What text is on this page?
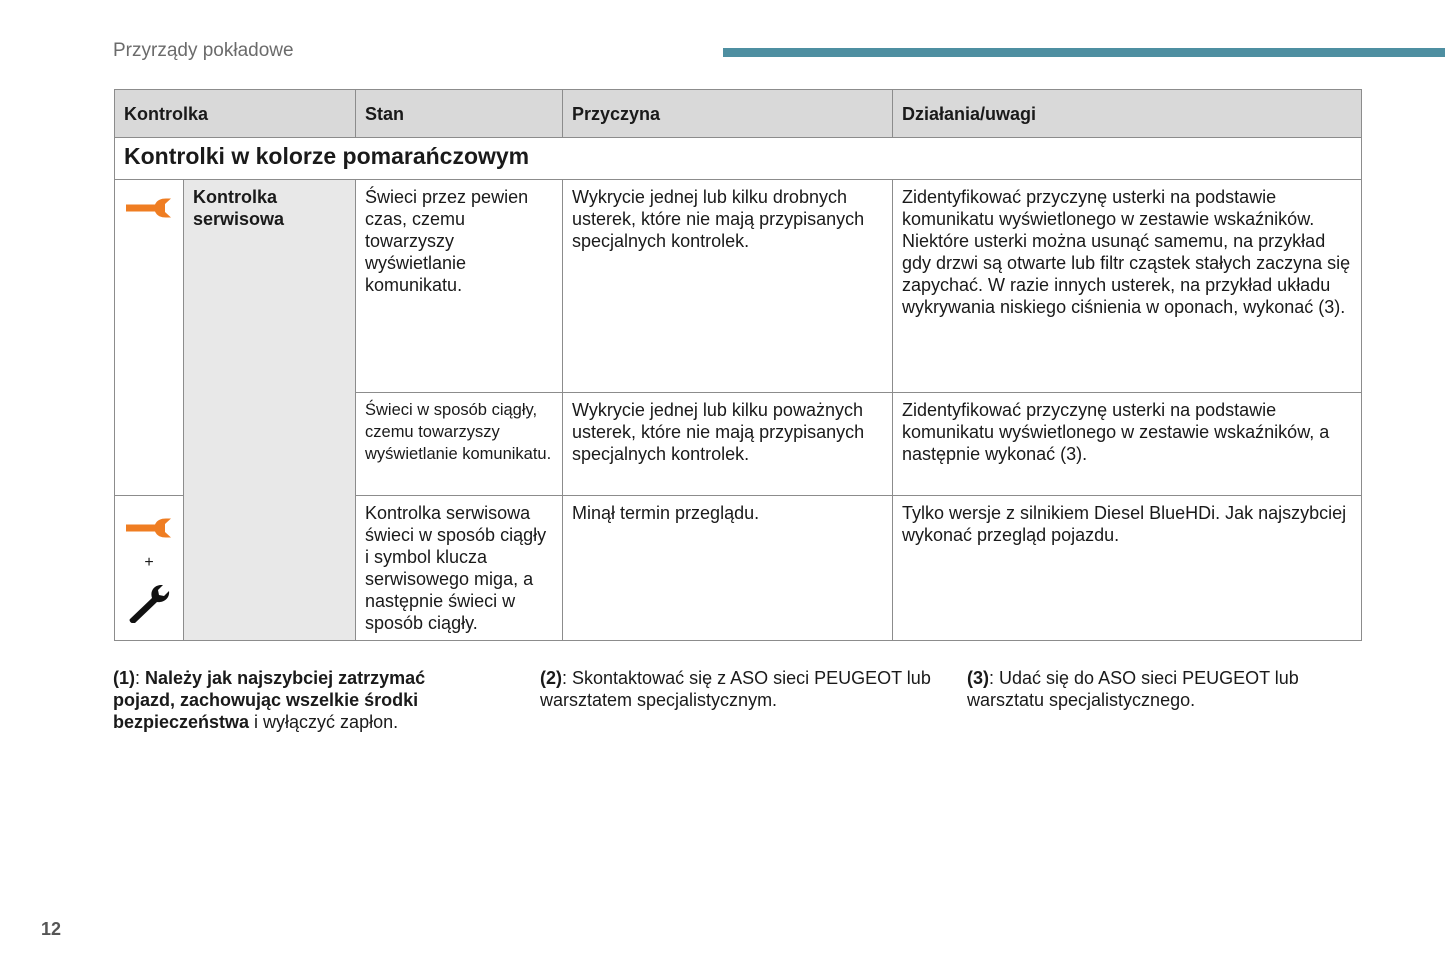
Przyrządy pokładowe
Kontrolka		Stan	Przyczyna	Działania/uwagi
Kontrolki w kolorze pomarańczowym				
	Kontrolka serwisowa	Świeci przez pewien czas, czemu towarzyszy wyświetlanie komunikatu.	Wykrycie jednej lub kilku drobnych usterek, które nie mają przypisanych specjalnych kontrolek.	Zidentyfikować przyczynę usterki na podstawie komunikatu wyświetlonego w zestawie wskaźników. Niektóre usterki można usunąć samemu, na przykład gdy drzwi są otwarte lub filtr cząstek stałych zaczyna się zapychać. W razie innych usterek, na przykład układu wykrywania niskiego ciśnienia w oponach, wykonać (3).
		Świeci w sposób ciągły, czemu towarzyszy wyświetlanie komunikatu.	Wykrycie jednej lub kilku poważnych usterek, które nie mają przypisanych specjalnych kontrolek.	Zidentyfikować przyczynę usterki na podstawie komunikatu wyświetlonego w zestawie wskaźników, a następnie wykonać (3).

+		Kontrolka serwisowa świeci w sposób ciągły i symbol klucza serwisowego miga, a następnie świeci w sposób ciągły.	Minął termin przeglądu.	Tylko wersje z silnikiem Diesel BlueHDi. Jak najszybciej wykonać przegląd pojazdu.
(1): Należy jak najszybciej zatrzymać pojazd, zachowując wszelkie środki bezpieczeństwa i wyłączyć zapłon.
(2): Skontaktować się z ASO sieci PEUGEOT lub warsztatem specjalistycznym.
(3): Udać się do ASO sieci PEUGEOT lub warsztatu specjalistycznego.
12
